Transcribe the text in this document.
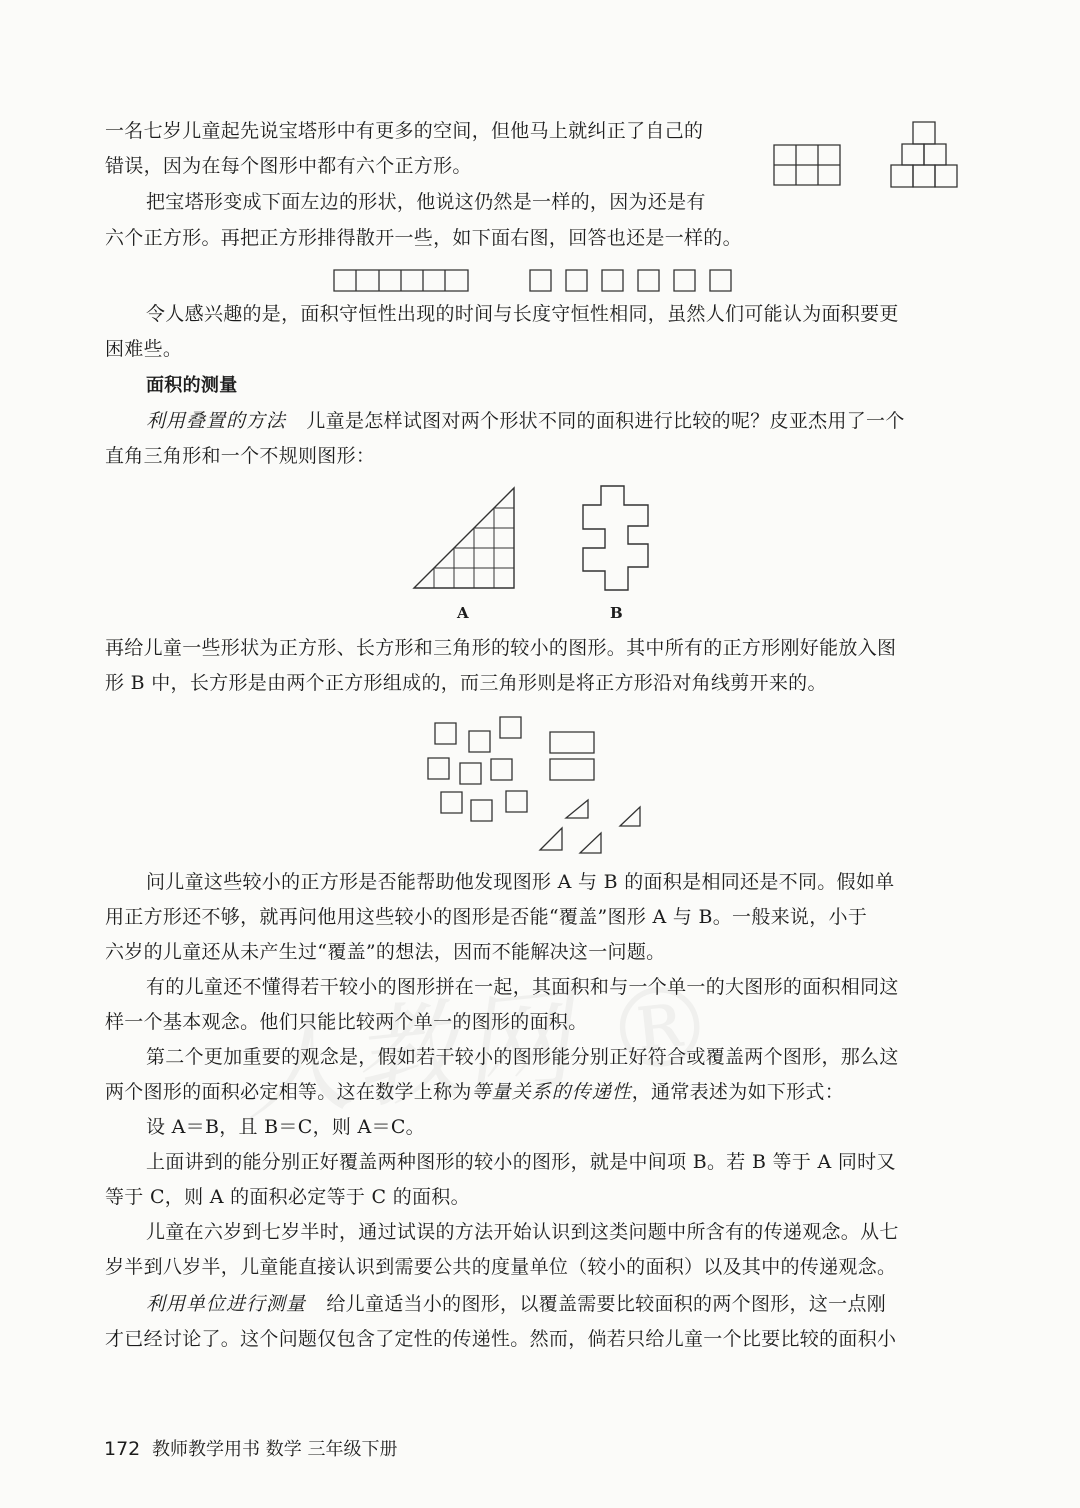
一名七岁儿童起先说宝塔形中有更多的空间，但他马上就纠正了自己的
错误，因为在每个图形中都有六个正方形。
把宝塔形变成下面左边的形状，他说这仍然是一样的，因为还是有
六个正方形。再把正方形排得散开一些，如下面右图，回答也还是一样的。
令人感兴趣的是，面积守恒性出现的时间与长度守恒性相同，虽然人们可能认为面积要更
困难些。
面积的测量
利用叠置的方法 儿童是怎样试图对两个形状不同的面积进行比较的呢？皮亚杰用了一个
直角三角形和一个不规则图形：
A	B
再给儿童一些形状为正方形、长方形和三角形的较小的图形。其中所有的正方形刚好能放入图
形 B 中，长方形是由两个正方形组成的，而三角形则是将正方形沿对角线剪开来的。
问儿童这些较小的正方形是否能帮助他发现图形 A 与 B 的面积是相同还是不同。假如单
用正方形还不够，就再问他用这些较小的图形是否能“覆盖”图形 A 与 B。一般来说，小于
六岁的儿童还从未产生过“覆盖”的想法，因而不能解决这一问题。
有的儿童还不懂得若干较小的图形拼在一起，其面积和与一个单一的大图形的面积相同这
样一个基本观念。他们只能比较两个单一的图形的面积。
第二个更加重要的观念是，假如若干较小的图形能分别正好符合或覆盖两个图形，那么这
两个图形的面积必定相等。这在数学上称为等量关系的传递性，通常表述为如下形式：
设 A＝B，且 B＝C，则 A＝C。
上面讲到的能分别正好覆盖两种图形的较小的图形，就是中间项 B。若 B 等于 A 同时又
等于 C，则 A 的面积必定等于 C 的面积。
儿童在六岁到七岁半时，通过试误的方法开始认识到这类问题中所含有的传递观念。从七
岁半到八岁半，儿童能直接认识到需要公共的度量单位（较小的面积）以及其中的传递观念。
利用单位进行测量 给儿童适当小的图形，以覆盖需要比较面积的两个图形，这一点刚
才已经讨论了。这个问题仅包含了定性的传递性。然而，倘若只给儿童一个比要比较的面积小
172 教师教学用书 数学 三年级下册
